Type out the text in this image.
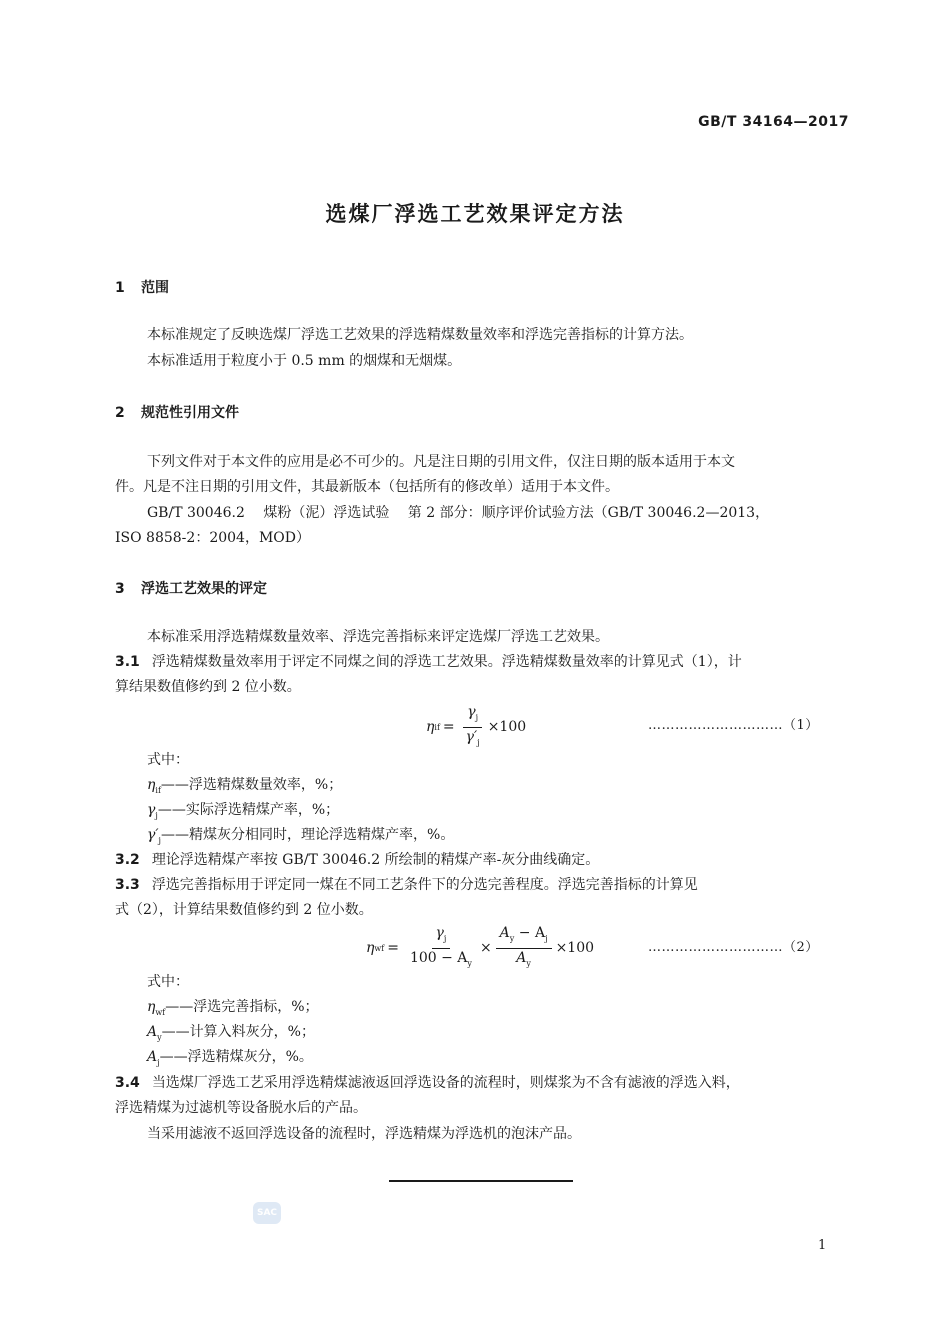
GB/T 34164—2017
选煤厂浮选工艺效果评定方法
1 范围
本标准规定了反映选煤厂浮选工艺效果的浮选精煤数量效率和浮选完善指标的计算方法。
本标准适用于粒度小于 0.5 mm 的烟煤和无烟煤。
2 规范性引用文件
下列文件对于本文件的应用是必不可少的。凡是注日期的引用文件，仅注日期的版本适用于本文
件。凡是不注日期的引用文件，其最新版本（包括所有的修改单）适用于本文件。
GB/T 30046.2　 煤粉（泥）浮选试验　 第 2 部分：顺序评价试验方法（GB/T 30046.2—2013，
ISO 8858-2：2004，MOD）
3 浮选工艺效果的评定
本标准采用浮选精煤数量效率、浮选完善指标来评定选煤厂浮选工艺效果。
3.1 浮选精煤数量效率用于评定不同煤之间的浮选工艺效果。浮选精煤数量效率的计算见式（1），计
算结果数值修约到 2 位小数。
η if = $\frac{\gamma_j}{\gamma'_j} \times 100$	…………………………（1）
式中：
$\eta_{if}——$浮选精煤数量效率，%；
$\gamma_j——$实际浮选精煤产率，%；
$\gamma'_j——$精煤灰分相同时，理论浮选精煤产率，%。
3.2 理论浮选精煤产率按 GB/T 30046.2 所绘制的精煤产率-灰分曲线确定。
3.3 浮选完善指标用于评定同一煤在不同工艺条件下的分选完善程度。浮选完善指标的计算见
式（2），计算结果数值修约到 2 位小数。
η wf = $\frac{\gamma_j}{100 - A_y} \times \frac{A_y - A_j}{A_y} \times 100$	…………………………（2）
式中：
$\eta_{wf}——$浮选完善指标，%；
$A_y——$计算入料灰分，%；
$A_j——$浮选精煤灰分，%。
3.4 当选煤厂浮选工艺采用浮选精煤滤液返回浮选设备的流程时，则煤浆为不含有滤液的浮选入料，
浮选精煤为过滤机等设备脱水后的产品。
当采用滤液不返回浮选设备的流程时，浮选精煤为浮选机的泡沫产品。
SAC
1
